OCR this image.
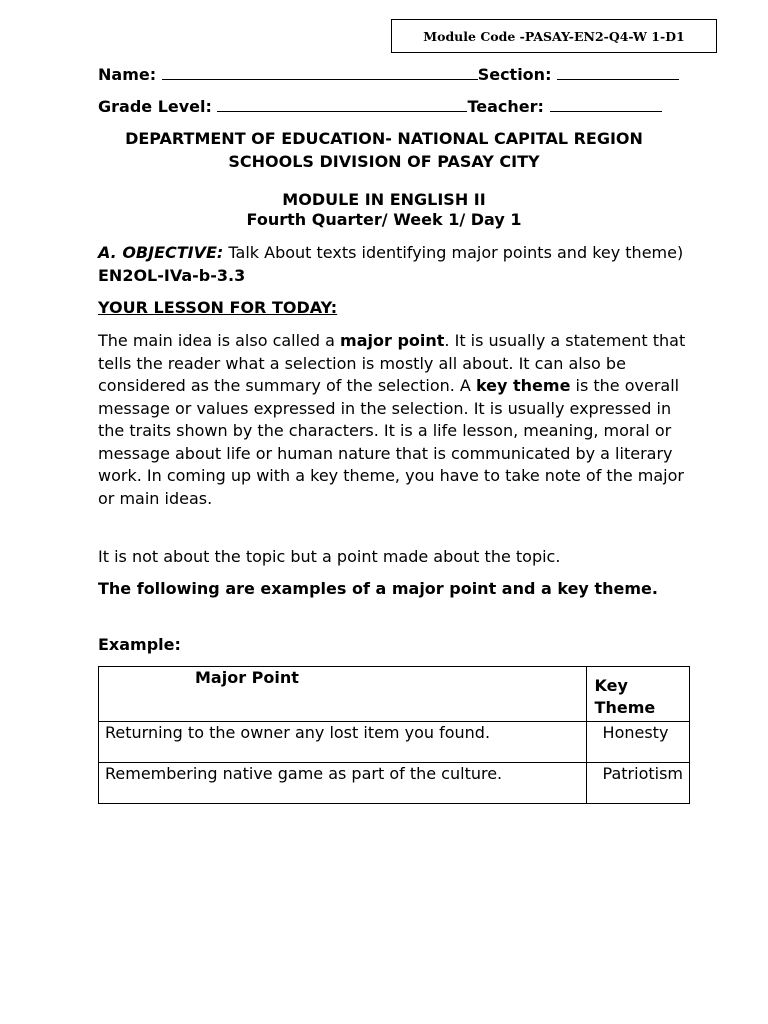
Module Code -PASAY-EN2-Q4-W 1-D1
Name:	Section:
Grade Level:	Teacher:
DEPARTMENT OF EDUCATION- NATIONAL CAPITAL REGION
SCHOOLS DIVISION OF PASAY CITY
MODULE IN ENGLISH II
Fourth Quarter/ Week 1/ Day 1

A. OBJECTIVE: Talk About texts identifying major points and key theme) EN2OL-IVa-b-3.3

YOUR LESSON FOR TODAY:

The main idea is also called a major point. It is usually a statement that tells the reader what a selection is mostly all about. It can also be considered as the summary of the selection. A key theme is the overall message or values expressed in the selection. It is usually expressed in the traits shown by the characters. It is a life lesson, meaning, moral or message about life or human nature that is communicated by a literary work. In coming up with a key theme, you have to take note of the major or main ideas.

It is not about the topic but a point made about the topic.

The following are examples of a major point and a key theme.

Example:
Major Point	Key Theme
Returning to the owner any lost item you found.	Honesty
Remembering native game as part of the culture.	Patriotism
